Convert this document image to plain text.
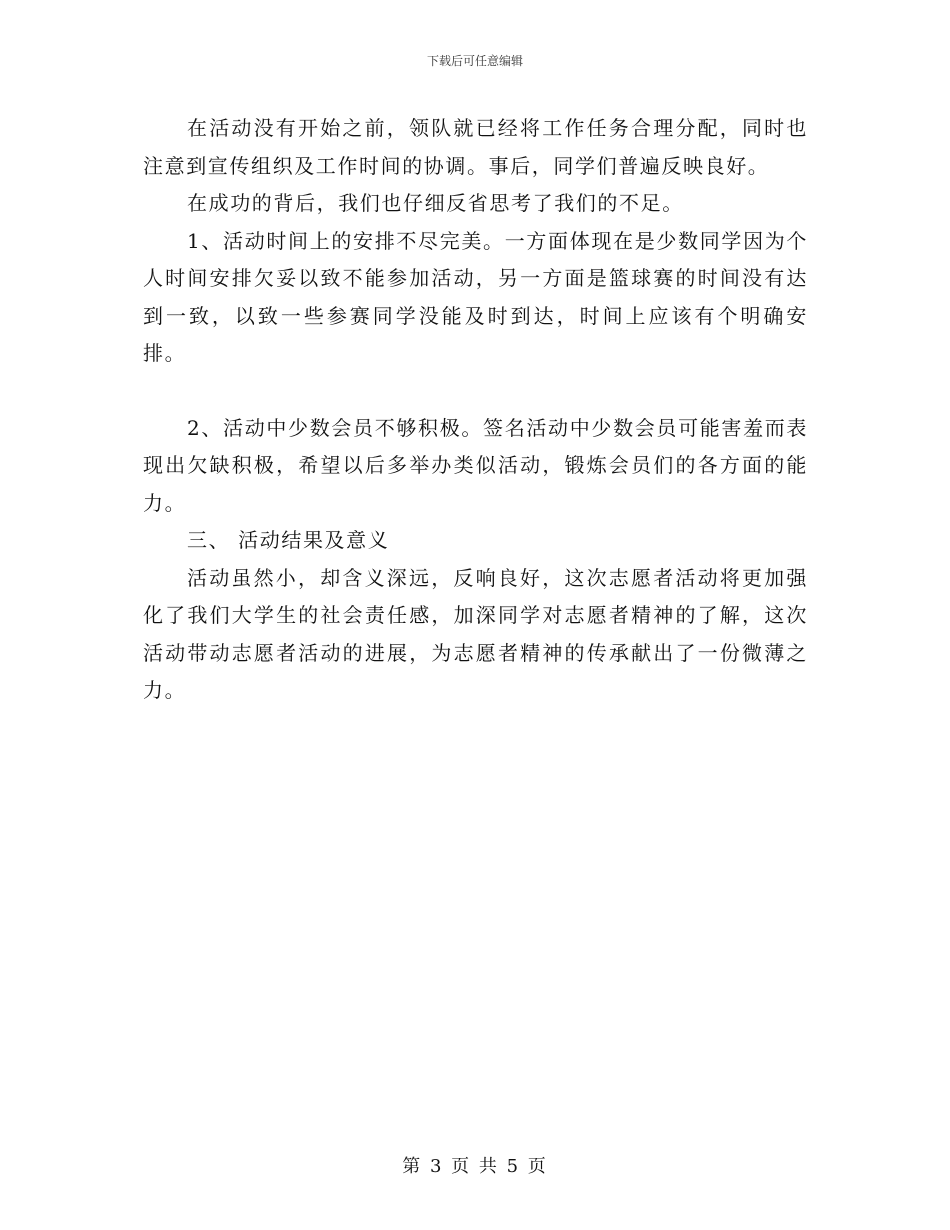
下载后可任意编辑

在活动没有开始之前，领队就已经将工作任务合理分配，同时也注意到宣传组织及工作时间的协调。事后，同学们普遍反映良好。

在成功的背后，我们也仔细反省思考了我们的不足。

1、活动时间上的安排不尽完美。一方面体现在是少数同学因为个人时间安排欠妥以致不能参加活动，另一方面是篮球赛的时间没有达到一致，以致一些参赛同学没能及时到达，时间上应该有个明确安排。

2、活动中少数会员不够积极。签名活动中少数会员可能害羞而表现出欠缺积极，希望以后多举办类似活动，锻炼会员们的各方面的能力。

三、 活动结果及意义

活动虽然小，却含义深远，反响良好，这次志愿者活动将更加强化了我们大学生的社会责任感，加深同学对志愿者精神的了解，这次活动带动志愿者活动的进展，为志愿者精神的传承献出了一份微薄之力。

第 3 页 共 5 页
